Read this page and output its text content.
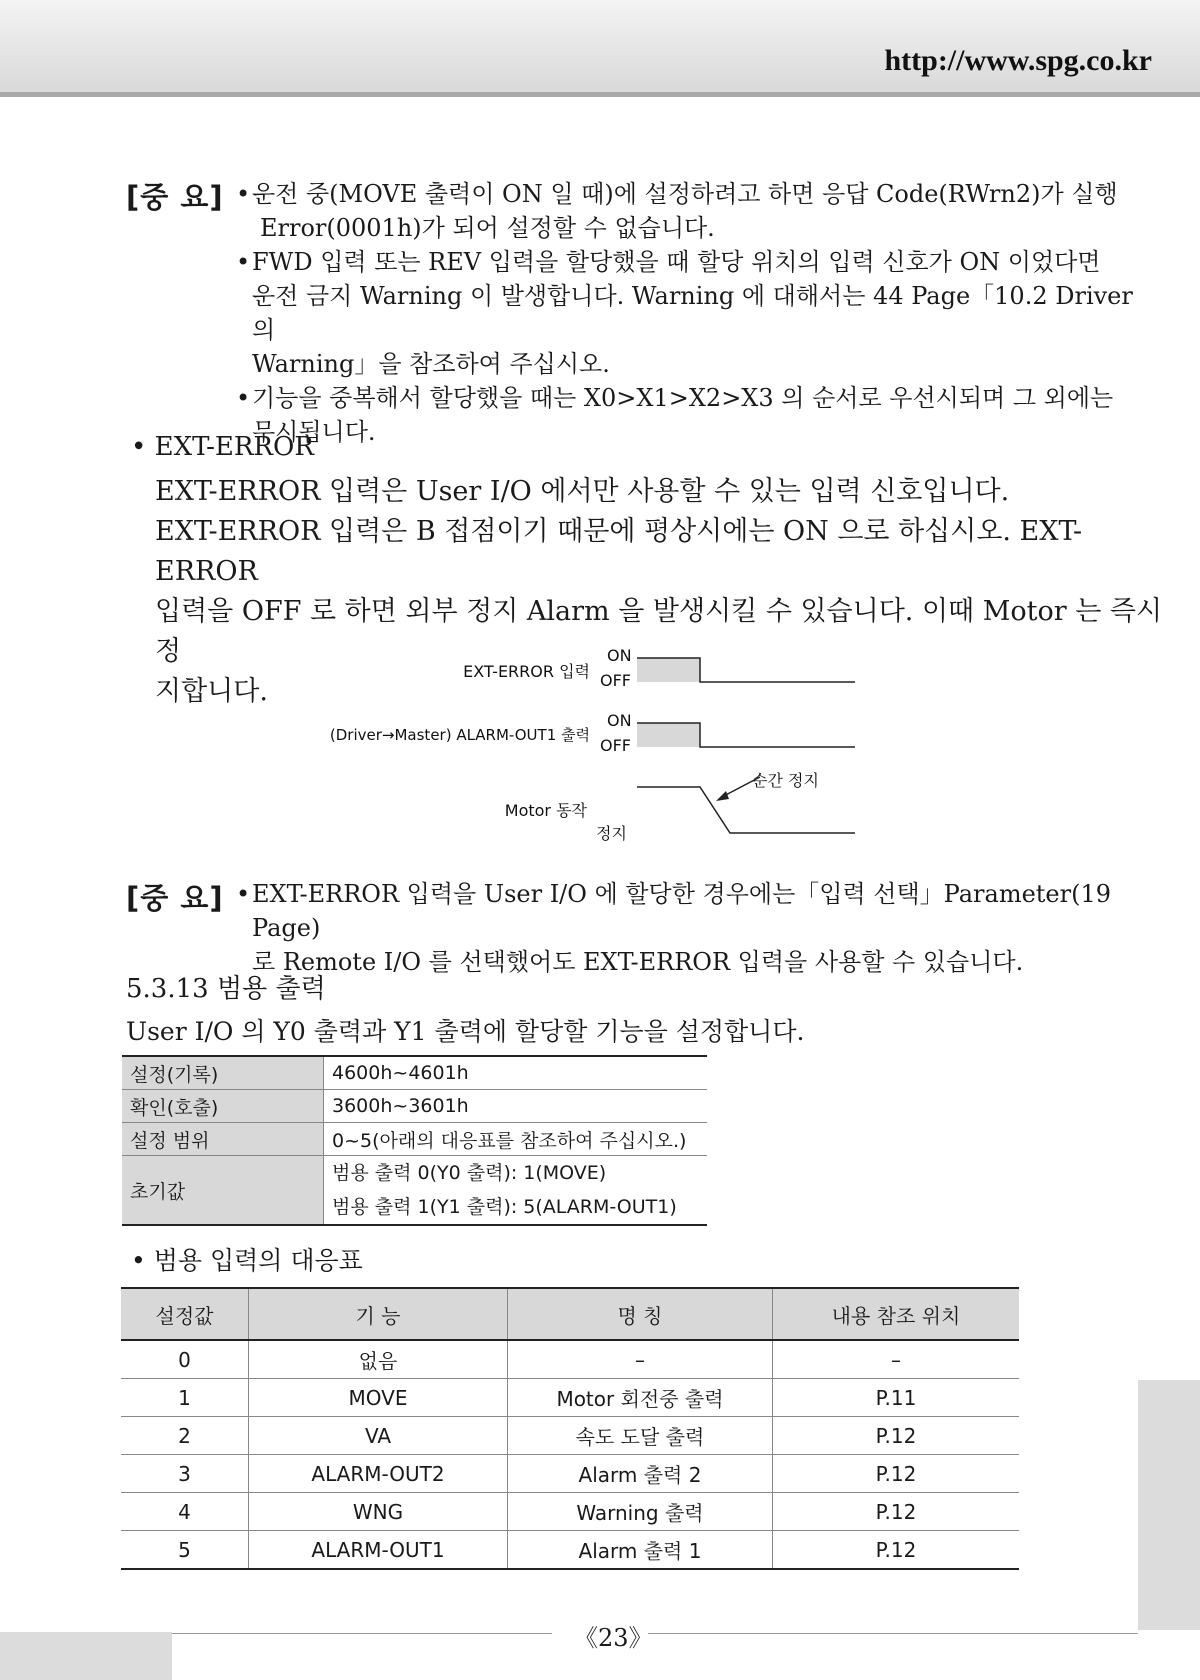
http://www.spg.co.kr
[중 요]	• 운전 중(MOVE 출력이 ON 일 때)에 설정하려고 하면 응답 Code(RWrn2)가 실행
Error(0001h)가 되어 설정할 수 없습니다.
• FWD 입력 또는 REV 입력을 할당했을 때 할당 위치의 입력 신호가 ON 이었다면
운전 금지 Warning 이 발생합니다. Warning 에 대해서는 44 Page「10.2 Driver 의
Warning」을 참조하여 주십시오.
• 기능을 중복해서 할당했을 때는 X0>X1>X2>X3 의 순서로 우선시되며 그 외에는
무시됩니다.
• EXT-ERROR
EXT-ERROR 입력은 User I/O 에서만 사용할 수 있는 입력 신호입니다.
EXT-ERROR 입력은 B 접점이기 때문에 평상시에는 ON 으로 하십시오. EXT-ERROR
입력을 OFF 로 하면 외부 정지 Alarm 을 발생시킬 수 있습니다. 이때 Motor 는 즉시 정
지합니다.
EXT-ERROR 입력
(Driver→Master) ALARM-OUT1 출력
Motor 동작
ON
OFF
ON
OFF
정지
순간 정지
[중 요]	• EXT-ERROR 입력을 User I/O 에 할당한 경우에는「입력 선택」Parameter(19 Page)
로 Remote I/O 를 선택했어도 EXT-ERROR 입력을 사용할 수 있습니다.
5.3.13 범용 출력
User I/O 의 Y0 출력과 Y1 출력에 할당할 기능을 설정합니다.
설정(기록)	4600h~4601h
확인(호출)	3600h~3601h
설정 범위	0~5(아래의 대응표를 참조하여 주십시오.)
초기값	범용 출력 0(Y0 출력): 1(MOVE)
범용 출력 1(Y1 출력): 5(ALARM-OUT1)
• 범용 입력의 대응표
설정값	기 능	명 칭	내용 참조 위치
0	없음	–	–
1	MOVE	Motor 회전중 출력	P.11
2	VA	속도 도달 출력	P.12
3	ALARM-OUT2	Alarm 출력 2	P.12
4	WNG	Warning 출력	P.12
5	ALARM-OUT1	Alarm 출력 1	P.12
《23》
